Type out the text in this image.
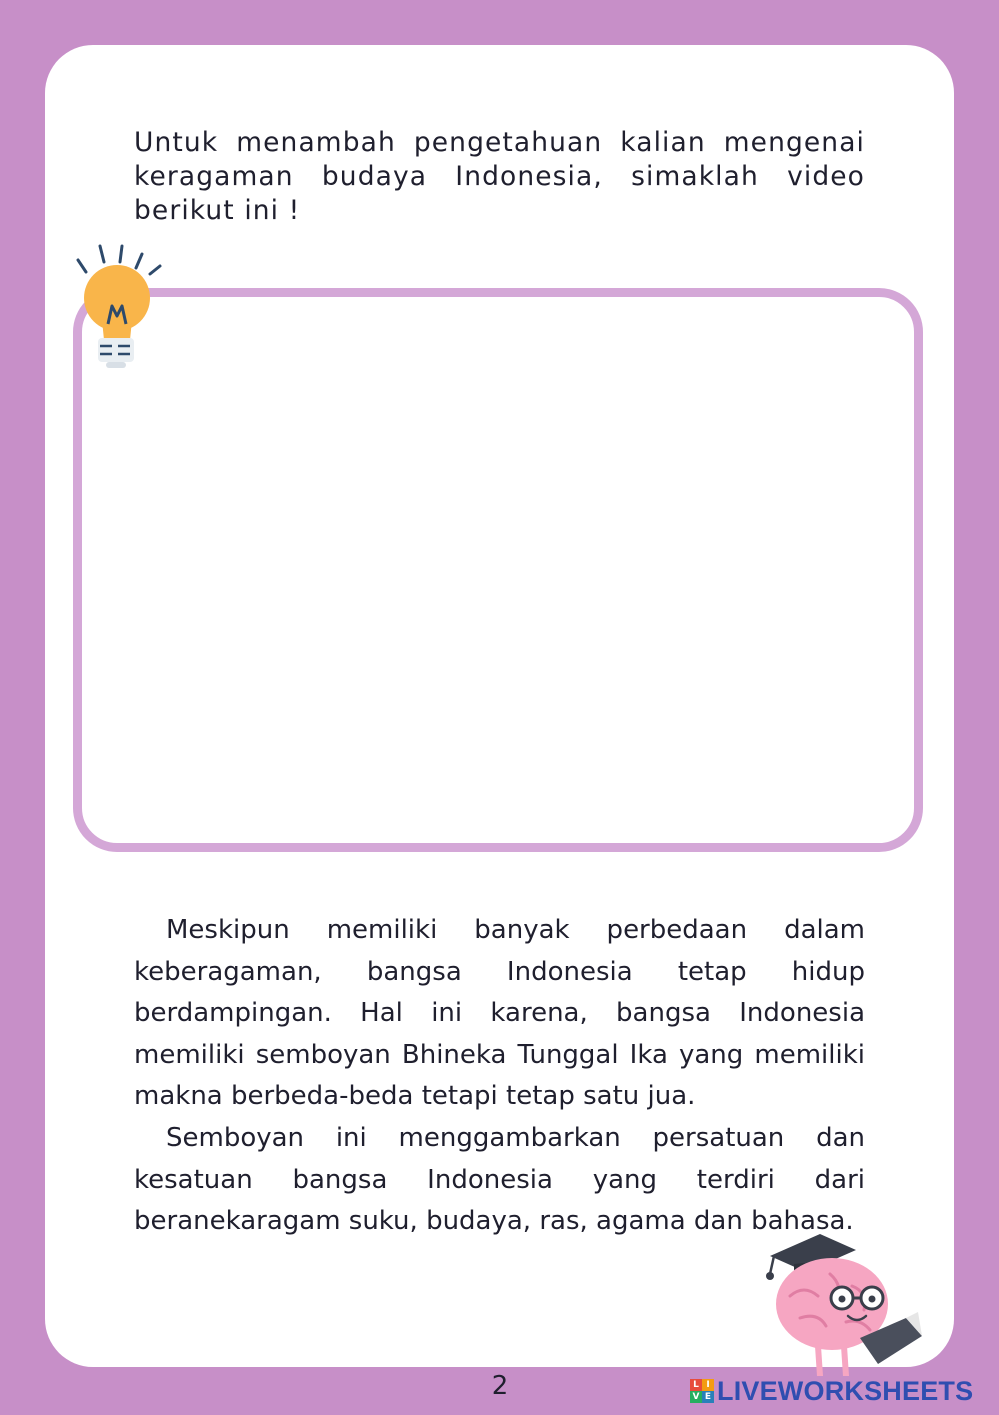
Untuk menambah pengetahuan kalian mengenai keragaman budaya Indonesia, simaklah video berikut ini !

Meskipun memiliki banyak perbedaan dalam keberagaman, bangsa Indonesia tetap hidup berdampingan. Hal ini karena, bangsa Indonesia memiliki semboyan Bhineka Tunggal Ika yang memiliki makna berbeda-beda tetapi tetap satu jua.

Semboyan ini menggambarkan persatuan dan kesatuan bangsa Indonesia yang terdiri dari beranekaragam suku, budaya, ras, agama dan bahasa.

2	L I
V E LIVEWORKSHEETS
